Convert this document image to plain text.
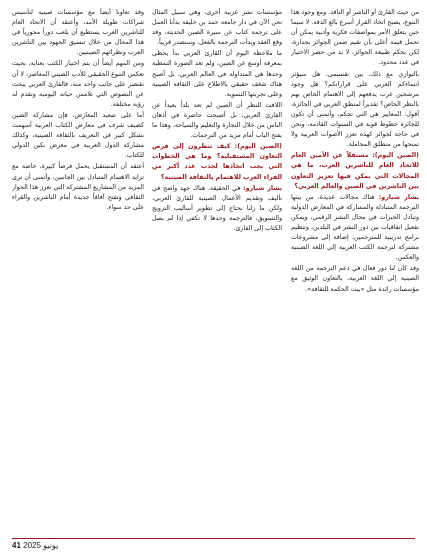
من حيث القارئ أو الناشر أو الناقد. ومع وجود هذا التنوع، يصبح اتخاذ القرار أسرع بالغ الدقة. لا سيما حين يتعلق الأمر بمواصفات فكرية وأدبية يمكن أن تحمل قيمة أعلى بأن تقيم ضمن الجوائز بجدارة، لكن يحكم طبيعة الجوائز، لا بد من حصر الاختيار في عدد محدود.

بالتوازي مع ذلك، بين تقسيمي، هل سيؤثر انتماءكم العربي على قراراتكم؟ هل وجود مرشحين عرب يدفعهم إلى الاهتمام الخاص بهم بالنظر الخاص؟ تقديراً لمنطق العربي في الجائزة، أقول: المعايير هي التي تحكم، وأتمنى أن تكون للجائزة حظوظ قوية في السنوات القادمة، ونحن في حاجة لجوائز كهذه تعزز الأصوات العربية ولا تمنحها من منطلق المجاملة.

(الصين اليوم): مستقلاً عن الأمين العام للاتحاد العام للناشرين العرب، ما هي المجالات التي يمكن فيها تعزيز التعاون بين الناشرين في الصين والعالم العربي؟

بشار شبارو: هناك مجالات عديدة، من بينها الترجمة المتبادلة والمشاركة في المعارض الدولية وتبادل الخبرات في مجال النشر الرقمي، ويمكن تفعيل اتفاقيات بين دور النشر في البلدين، وتنظيم برامج تدريبية للمترجمين، إضافة إلى مشروعات مشتركة لترجمة الكتب العربية إلى اللغة الصينية والعكس.

وقد كان لنا دور فعال في دعم الترجمة من اللغة الصينية إلى اللغة العربية، بالتعاون الوثيق مع مؤسسات رائدة مثل «بيت الحكمة للثقافة».

مؤسسات نشر عربية أخرى، وهي سبيل المثال نحن الآن في دار جامعة حمد بن خليفة بدأنا العمل على ترجمة كتاب عن سيرة الصين الحديثة، وقد وقع العقد وبدأت الترجمة بالفعل، وسنصدر قريباً.

ما ملاحظة اليوم أن القارئ العربي بدأ يحظى بمعرفة أوسع عن الصين، ولم تعد الصورة النمطية وحدها هي المتداولة في العالم العربي، بل أصبح هناك شغف حقيقي بالاطلاع على الثقافة الصينية وعلى تجربتها التنموية.

اللافت للنظر أن الصين لم تعد بلداً بعيداً عن القارئ العربي، بل أصبحت حاضرة في أذهان الناس من خلال التجارة والتعليم والسياحة، وهذا ما يفتح الباب أمام مزيد من الترجمات.

(الصين اليوم): كيف تنظرون إلى فرص التعاون المستقبلية؟ وما هي الخطوات التي يجب اتخاذها لجذب عدد أكبر من القراء العرب للاهتمام بالثقافة الصينية؟

بشار شبارو: في الحقيقة، هناك جهد واضح في تأليف وتقديم الأعمال الصينية للقارئ العربي، ولكن ما زلنا نحتاج إلى تطوير أساليب الترويج والتسويق، فالترجمة وحدها لا تكفي إذا لم يصل الكتاب إلى القارئ.

وقد تعاونا أيضاً مع مؤسسات صينية لتأسيس شراكات طويلة الأمد، وأعتقد أن الاتحاد العام للناشرين العرب يستطيع أن يلعب دوراً محورياً في هذا المجال من خلال تنسيق الجهود بين الناشرين العرب ونظرائهم الصينيين.

ومن المهم أيضاً أن يتم اختيار الكتب بعناية، بحيث تعكس التنوع الحقيقي للأدب الصيني المعاصر، لا أن تقتصر على جانب واحد منه، فالقارئ العربي يبحث عن النصوص التي تلامس حياته اليومية وتقدم له رؤية مختلفة.

أما على صعيد المعارض، فإن مشاركة الصين كضيف شرف في معارض الكتاب العربية أسهمت بشكل كبير في التعريف بالثقافة الصينية، وكذلك مشاركة الدول العربية في معرض بكين الدولي للكتاب.

أعتقد أن المستقبل يحمل فرصاً كبيرة، خاصة مع تزايد الاهتمام المتبادل بين الجانبين، وأتمنى أن نرى المزيد من المشاريع المشتركة التي تعزز هذا الحوار الثقافي وتفتح آفاقاً جديدة أمام الناشرين والقراء على حد سواء.

41 يونيو 2025
